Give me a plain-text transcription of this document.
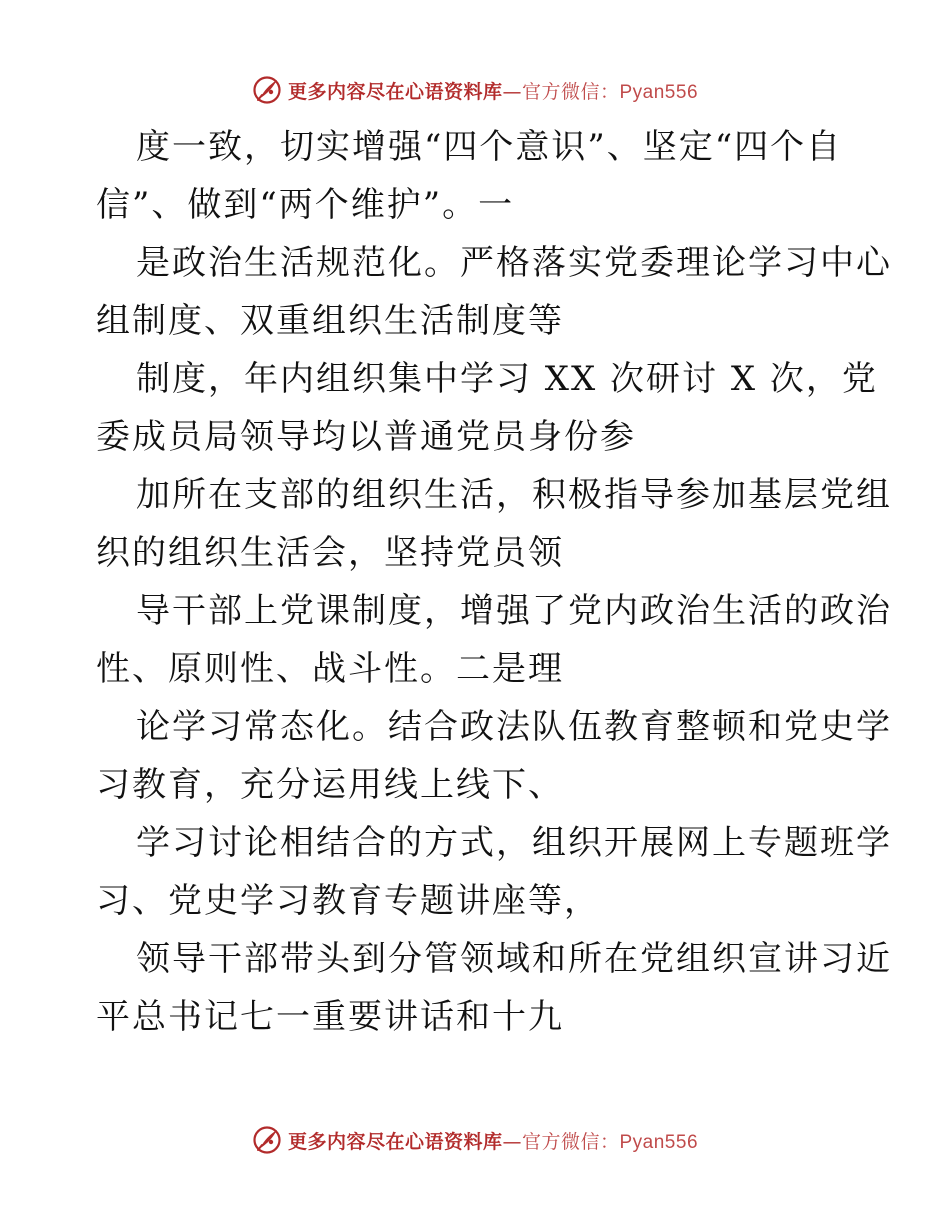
更多内容尽在心语资料库—官方微信：Pyan556
度一致，切实增强“四个意识”、坚定“四个自
信”、做到“两个维护”。一
是政治生活规范化。严格落实党委理论学习中心
组制度、双重组织生活制度等
制度，年内组织集中学习 XX 次研讨 X 次，党
委成员局领导均以普通党员身份参
加所在支部的组织生活，积极指导参加基层党组
织的组织生活会，坚持党员领
导干部上党课制度，增强了党内政治生活的政治
性、原则性、战斗性。二是理
论学习常态化。结合政法队伍教育整顿和党史学
习教育，充分运用线上线下、
学习讨论相结合的方式，组织开展网上专题班学
习、党史学习教育专题讲座等，
领导干部带头到分管领域和所在党组织宣讲习近
平总书记七一重要讲话和十九
更多内容尽在心语资料库—官方微信：Pyan556
